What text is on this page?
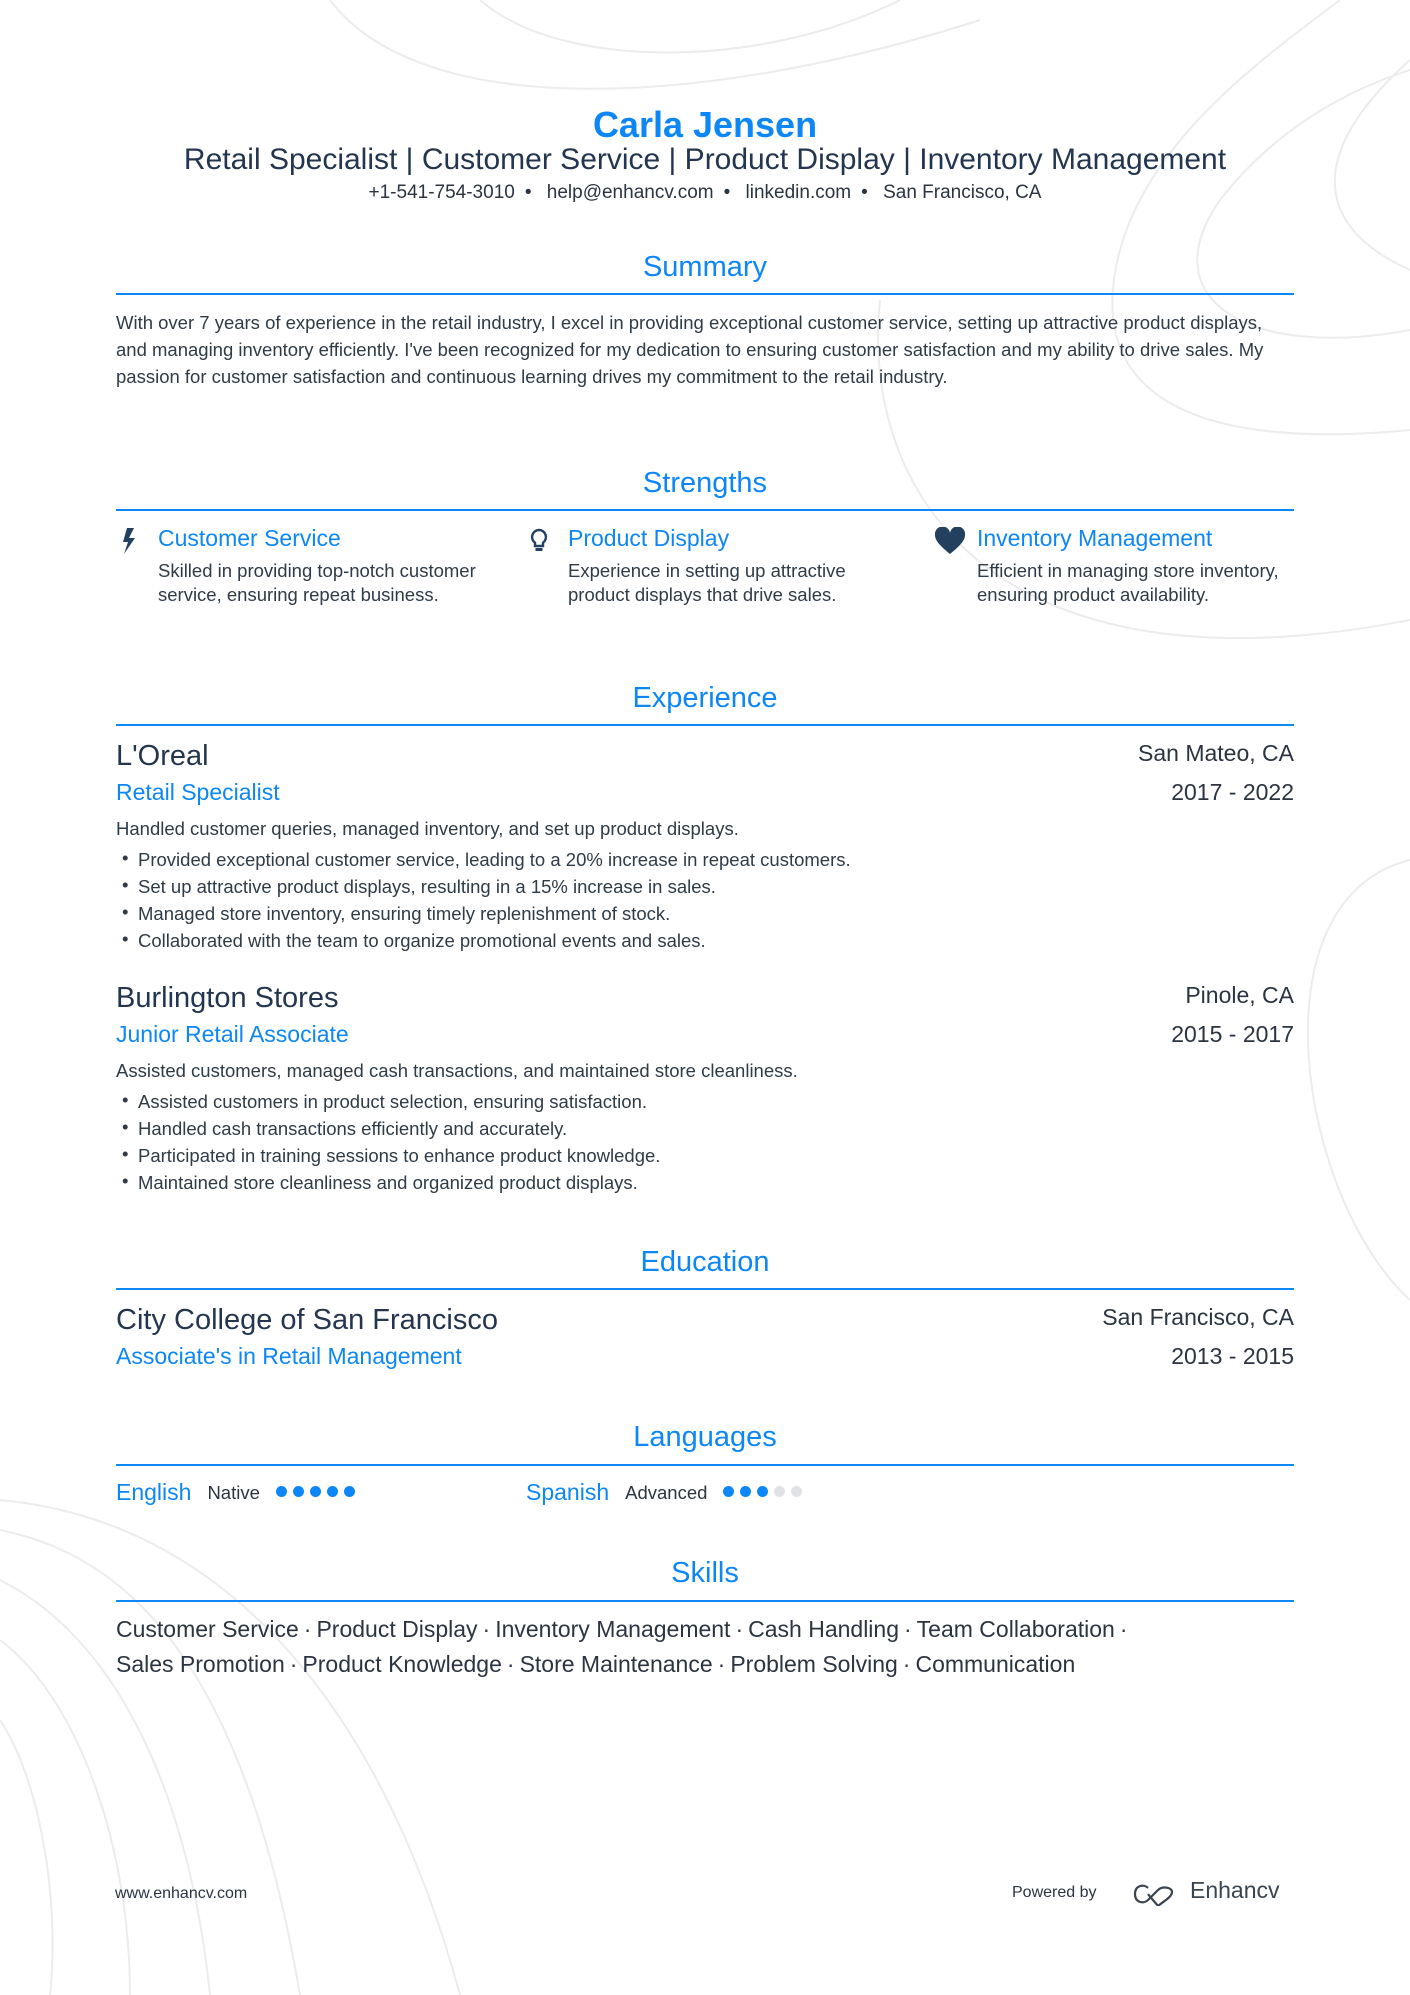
Carla Jensen
Retail Specialist | Customer Service | Product Display | Inventory Management
+1-541-754-3010 • help@enhancv.com • linkedin.com • San Francisco, CA
Summary
With over 7 years of experience in the retail industry, I excel in providing exceptional customer service, setting up attractive product displays, and managing inventory efficiently. I've been recognized for my dedication to ensuring customer satisfaction and my ability to drive sales. My passion for customer satisfaction and continuous learning drives my commitment to the retail industry.
Strengths
Customer Service
Skilled in providing top-notch customer service, ensuring repeat business.
Product Display
Experience in setting up attractive product displays that drive sales.
Inventory Management
Efficient in managing store inventory, ensuring product availability.
Experience
L'Oreal	San Mateo, CA
Retail Specialist	2017 - 2022
Handled customer queries, managed inventory, and set up product displays.
• Provided exceptional customer service, leading to a 20% increase in repeat customers.
• Set up attractive product displays, resulting in a 15% increase in sales.
• Managed store inventory, ensuring timely replenishment of stock.
• Collaborated with the team to organize promotional events and sales.
Burlington Stores	Pinole, CA
Junior Retail Associate	2015 - 2017
Assisted customers, managed cash transactions, and maintained store cleanliness.
• Assisted customers in product selection, ensuring satisfaction.
• Handled cash transactions efficiently and accurately.
• Participated in training sessions to enhance product knowledge.
• Maintained store cleanliness and organized product displays.
Education
City College of San Francisco	San Francisco, CA
Associate's in Retail Management	2013 - 2015
Languages
English Native	Spanish Advanced
Skills
Customer Service · Product Display · Inventory Management · Cash Handling · Team Collaboration ·
Sales Promotion · Product Knowledge · Store Maintenance · Problem Solving · Communication
www.enhancv.com	Powered by	Enhancv
